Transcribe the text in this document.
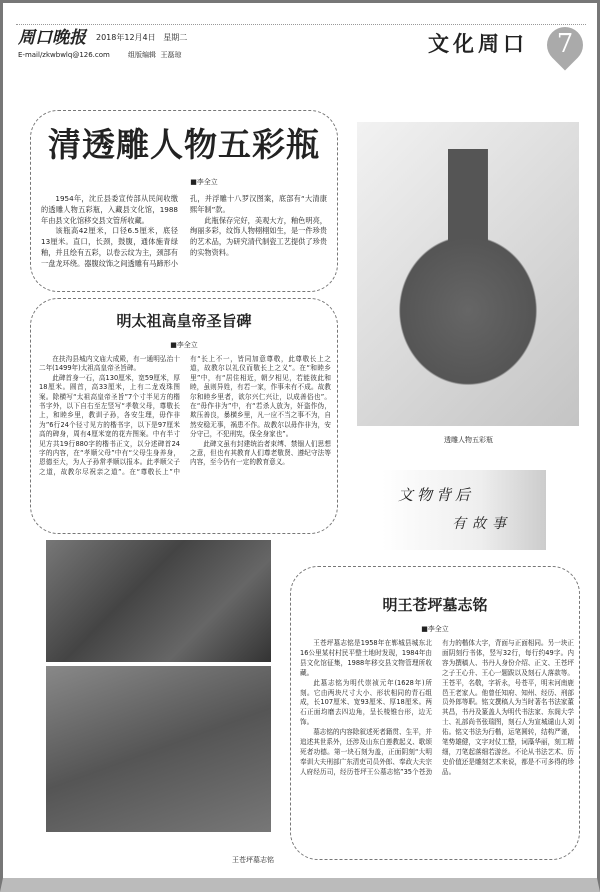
周口晚报 2018年12月4日 星期二
E-mail/zkwbwlq@126.com	组版编辑 王磊琼	文化周口	7
清透雕人物五彩瓶
■李全立

1954年，沈丘县委宣传部从民间收缴的透雕人物五彩瓶，入藏县文化馆，1988年由县文化馆移交县文管所收藏。

该瓶高42厘米，口径6.5厘米，底径13厘米。直口，长颈，鼓腹，通体施青绿釉，并且绘有五彩，以卷云纹为主，颈部有一盘龙环绕。器腹纹饰之间透雕有马蹄形小孔，并浮雕十八罗汉图案，底部有“大清康熙年制”款。

此瓶保存完好，美观大方，釉色明亮，绚丽多彩，纹饰人物栩栩如生，是一件珍贵的艺术品，为研究清代制瓷工艺提供了珍贵的实物资料。

透雕人物五彩瓶
明太祖高皇帝圣旨碑
■李全立

在扶沟县城内文庙大成殿，有一通明弘治十二年(1499年)太祖高皇帝圣旨碑。

此碑首身一石，高130厘米，宽59厘米，厚18厘米。圆首，高33厘米，上有二龙戏珠图案。除横写“太祖高皇帝圣旨”7个寸半见方的楷书字外，以下自右至左竖写“孝敬父母，尊敬长上，和睦乡里，教训子孙，各安生理，毋作非为”6行24个径寸见方的楷书字，以下是97厘米高的碑身，周有4厘米宽的花卉图案。中有半寸见方共19行880字的楷书正文，以分述碑首24字的内容，在“孝顺父母”中有“父母生身养身，恩德至大，为人子孙常孝顺以报本。此孝顺父子之道，故教尔尽祝亲之道”。在“尊敬长上”中有“长上不一，皆同加意尊敬，此尊敬长上之道，故教尔以礼仪而敬长上之义”。在“和睦乡里”中，有“居住相近，朝夕相见，若能彼此和睦，虽则异姓，有若一家，作事未有不成。故教尔和睦乡里者，欲尔兴仁兴让，以成善俗也”。在“毋作非为”中，有“若杀人放为，奸盗作伪，欺压善良，暴横乡里，凡一应不当之事不为，自然安稳无事，祸患不作。故教尔以毋作非为，安分守己，不犯刑宪，保全身家也”。

此碑文虽有封建统治者束缚、禁锢人们思想之意，但也有其教育人们尊老敬贤、遵纪守法等内容，至今仍有一定的教育意义。

文物背后
有故事
王苍坪墓志铭
明王苍坪墓志铭
■李全立

王苍坪墓志铭是1958年在郸城县城东北16公里某村村民平整土地时发现，1984年由县文化馆征集，1988年移交县文物管理所收藏。

此墓志铭为明代崇祯元年(1628年)所刻。它由两块尺寸大小、形状相同的青石组成，长107厘米、宽93厘米、厚18厘米。两石正面均磨去四边角，呈长棱锥台形，边无饰。

墓志铭的内容除叙述死者籍贯、生平，并追述其世系外，还涉及山东白莲教起义、歌颂死者功德。第一块石刻为盖，正面阴刻“大明奉训大夫刑部广东清吏司员外郎、奉政大夫宗人府经历司，经历苍坪王公墓志铭”35个苍劲有力的楷体大字，背面与正面相同。另一块正面阴刻行书体，竖写32行，每行约49字。内容为撰稿人、书丹人身份介绍、正文、王苍坪之子王心升、王心一题跋以及刻石人落款等。王苍平，名敬，字祈永，号苍平，明末河南鹿邑王老家人。他曾任知府、知州、经历、刑部员外郎等职。铭文撰稿人为当时著名书法家董其昌，书丹及篆盖人为明代书法家、东阁大学士、礼部尚书张瑞图，刻石人为宣城谴山人刘佑。铭文书法为行楷，运笔圆转，结构严谨，笔势雄健，文字对仗工整，词藻华丽，刻工精细，刀笔起落细若游丝。不论从书法艺术、历史价值还是雕刻艺术来说，都是不可多得的珍品。
